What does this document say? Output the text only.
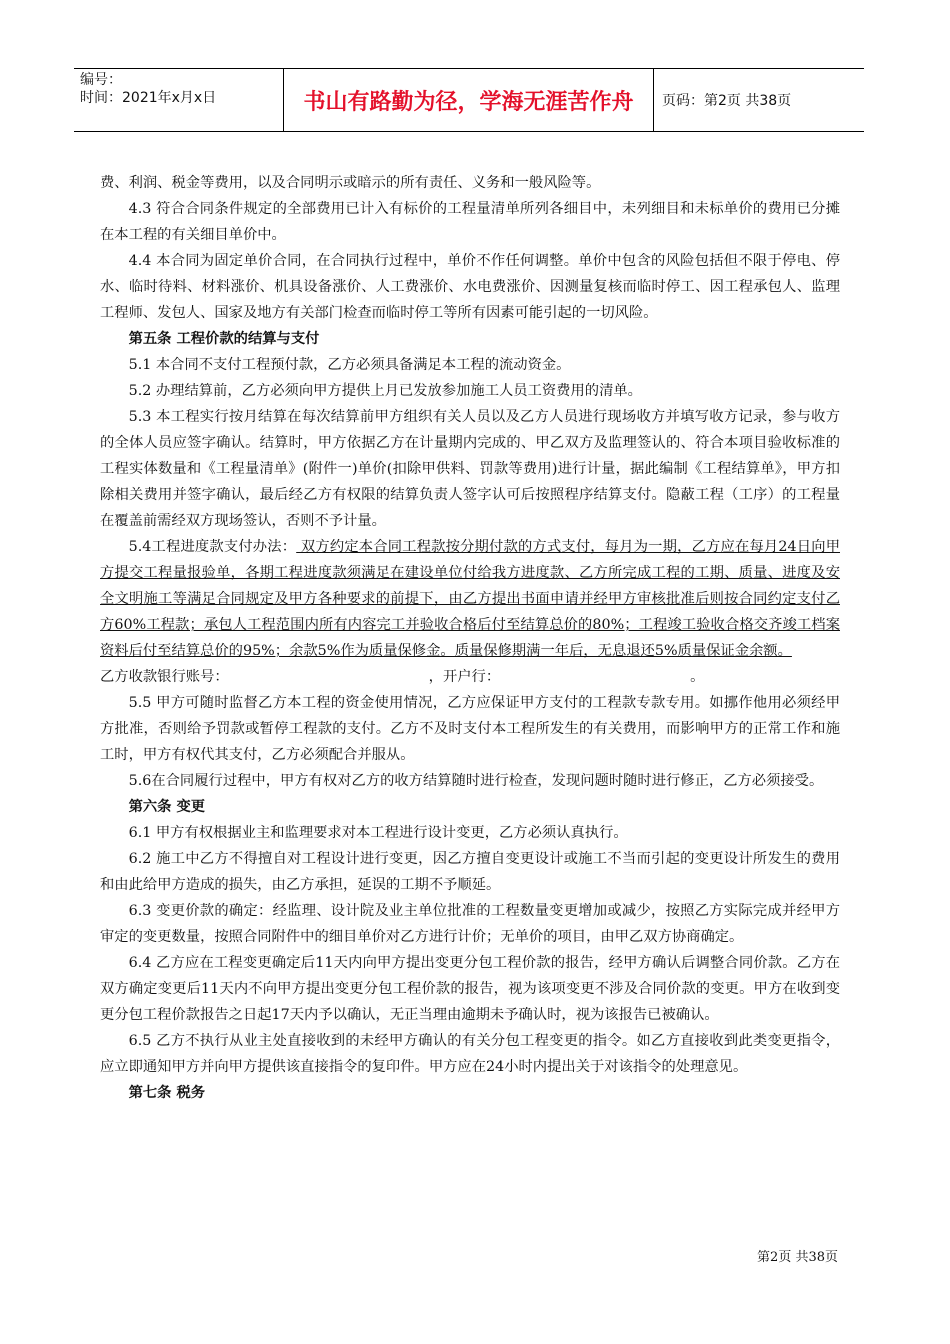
编号：
时间：2021年x月x日	书山有路勤为径，学海无涯苦作舟	页码：第2页 共38页

费、利润、税金等费用，以及合同明示或暗示的所有责任、义务和一般风险等。

4.3 符合合同条件规定的全部费用已计入有标价的工程量清单所列各细目中，未列细目和未标单价的费用已分摊在本工程的有关细目单价中。

4.4 本合同为固定单价合同，在合同执行过程中，单价不作任何调整。单价中包含的风险包括但不限于停电、停水、临时待料、材料涨价、机具设备涨价、人工费涨价、水电费涨价、因测量复核而临时停工、因工程承包人、监理工程师、发包人、国家及地方有关部门检查而临时停工等所有因素可能引起的一切风险。

第五条 工程价款的结算与支付

5.1 本合同不支付工程预付款，乙方必须具备满足本工程的流动资金。

5.2 办理结算前，乙方必须向甲方提供上月已发放参加施工人员工资费用的清单。

5.3 本工程实行按月结算在每次结算前甲方组织有关人员以及乙方人员进行现场收方并填写收方记录，参与收方的全体人员应签字确认。结算时，甲方依据乙方在计量期内完成的、甲乙双方及监理签认的、符合本项目验收标准的工程实体数量和《工程量清单》(附件一)单价(扣除甲供料、罚款等费用)进行计量，据此编制《工程结算单》，甲方扣除相关费用并签字确认，最后经乙方有权限的结算负责人签字认可后按照程序结算支付。隐蔽工程（工序）的工程量在覆盖前需经双方现场签认，否则不予计量。

5.4工程进度款支付办法： 双方约定本合同工程款按分期付款的方式支付，每月为一期，乙方应在每月24日向甲方提交工程量报验单，各期工程进度款须满足在建设单位付给我方进度款、乙方所完成工程的工期、质量、进度及安全文明施工等满足合同规定及甲方各种要求的前提下，由乙方提出书面申请并经甲方审核批准后则按合同约定支付乙方60%工程款；承包人工程范围内所有内容完工并验收合格后付至结算总价的80%；工程竣工验收合格交齐竣工档案资料后付至结算总价的95%；余款5%作为质量保修金。质量保修期满一年后，无息退还5%质量保证金余额。

乙方收款银行账号：	，开户行：	。

5.5 甲方可随时监督乙方本工程的资金使用情况，乙方应保证甲方支付的工程款专款专用。如挪作他用必须经甲方批准，否则给予罚款或暂停工程款的支付。乙方不及时支付本工程所发生的有关费用，而影响甲方的正常工作和施工时，甲方有权代其支付，乙方必须配合并服从。

5.6在合同履行过程中，甲方有权对乙方的收方结算随时进行检查，发现问题时随时进行修正，乙方必须接受。

第六条 变更

6.1 甲方有权根据业主和监理要求对本工程进行设计变更，乙方必须认真执行。

6.2 施工中乙方不得擅自对工程设计进行变更，因乙方擅自变更设计或施工不当而引起的变更设计所发生的费用和由此给甲方造成的损失，由乙方承担，延误的工期不予顺延。

6.3 变更价款的确定：经监理、设计院及业主单位批准的工程数量变更增加或减少，按照乙方实际完成并经甲方审定的变更数量，按照合同附件中的细目单价对乙方进行计价；无单价的项目，由甲乙双方协商确定。

6.4 乙方应在工程变更确定后11天内向甲方提出变更分包工程价款的报告，经甲方确认后调整合同价款。乙方在双方确定变更后11天内不向甲方提出变更分包工程价款的报告，视为该项变更不涉及合同价款的变更。甲方在收到变更分包工程价款报告之日起17天内予以确认，无正当理由逾期未予确认时，视为该报告已被确认。

6.5 乙方不执行从业主处直接收到的未经甲方确认的有关分包工程变更的指令。如乙方直接收到此类变更指令，应立即通知甲方并向甲方提供该直接指令的复印件。甲方应在24小时内提出关于对该指令的处理意见。

第七条 税务

第2页 共38页
